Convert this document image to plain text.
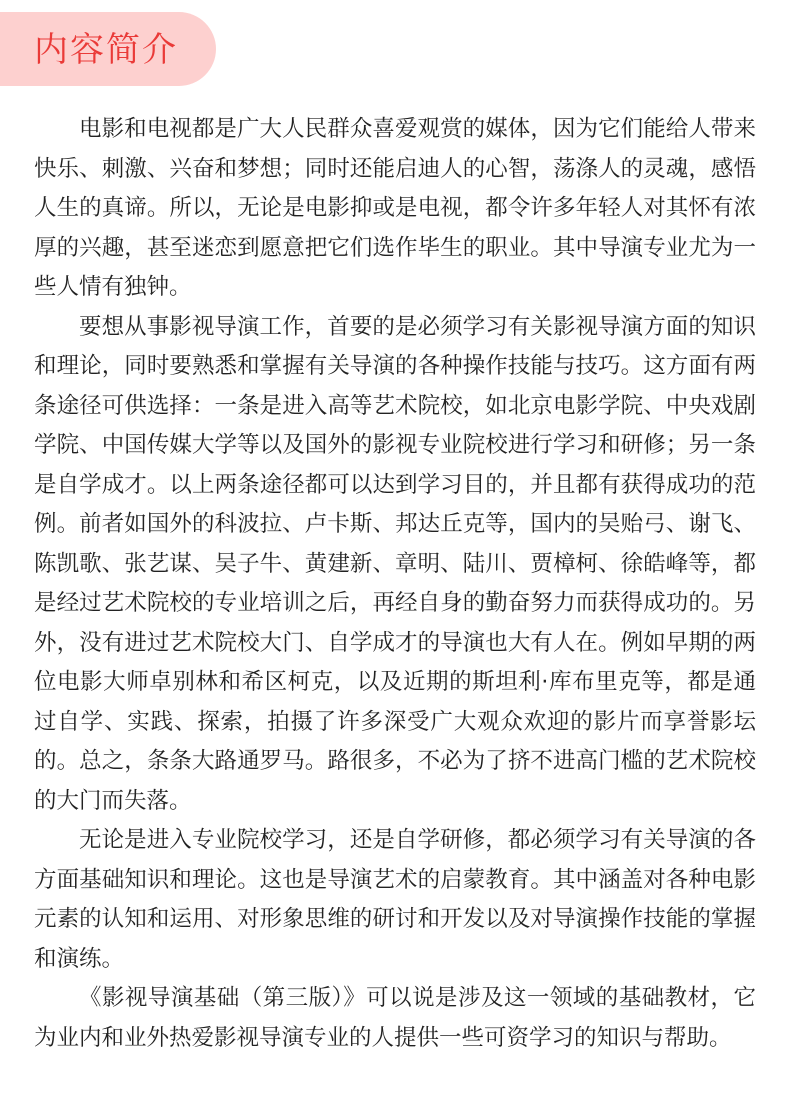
内容简介

电影和电视都是广大人民群众喜爱观赏的媒体，因为它们能给人带来快乐、刺激、兴奋和梦想；同时还能启迪人的心智，荡涤人的灵魂，感悟人生的真谛。所以，无论是电影抑或是电视，都令许多年轻人对其怀有浓厚的兴趣，甚至迷恋到愿意把它们选作毕生的职业。其中导演专业尤为一些人情有独钟。

要想从事影视导演工作，首要的是必须学习有关影视导演方面的知识和理论，同时要熟悉和掌握有关导演的各种操作技能与技巧。这方面有两条途径可供选择：一条是进入高等艺术院校，如北京电影学院、中央戏剧学院、中国传媒大学等以及国外的影视专业院校进行学习和研修；另一条是自学成才。以上两条途径都可以达到学习目的，并且都有获得成功的范例。前者如国外的科波拉、卢卡斯、邦达丘克等，国内的吴贻弓、谢飞、陈凯歌、张艺谋、吴子牛、黄建新、章明、陆川、贾樟柯、徐皓峰等，都是经过艺术院校的专业培训之后，再经自身的勤奋努力而获得成功的。另外，没有进过艺术院校大门、自学成才的导演也大有人在。例如早期的两位电影大师卓别林和希区柯克，以及近期的斯坦利·库布里克等，都是通过自学、实践、探索，拍摄了许多深受广大观众欢迎的影片而享誉影坛的。总之，条条大路通罗马。路很多，不必为了挤不进高门槛的艺术院校的大门而失落。

无论是进入专业院校学习，还是自学研修，都必须学习有关导演的各方面基础知识和理论。这也是导演艺术的启蒙教育。其中涵盖对各种电影元素的认知和运用、对形象思维的研讨和开发以及对导演操作技能的掌握和演练。

《影视导演基础（第三版）》可以说是涉及这一领域的基础教材，它为业内和业外热爱影视导演专业的人提供一些可资学习的知识与帮助。
